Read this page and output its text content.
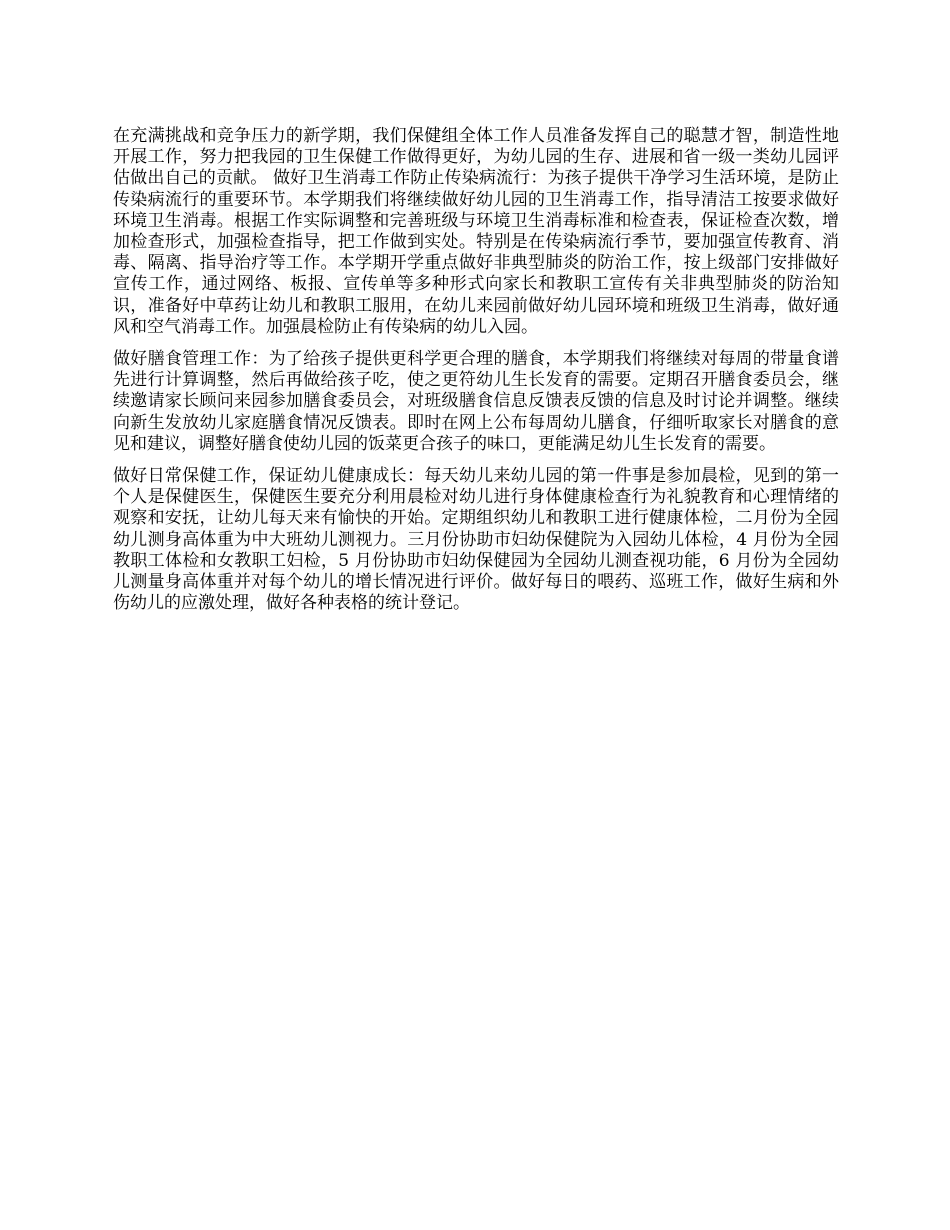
在充满挑战和竞争压力的新学期，我们保健组全体工作人员准备发挥自己的聪慧才智，制造性地开展工作，努力把我园的卫生保健工作做得更好，为幼儿园的生存、进展和省一级一类幼儿园评估做出自己的贡献。 做好卫生消毒工作防止传染病流行：为孩子提供干净学习生活环境，是防止传染病流行的重要环节。本学期我们将继续做好幼儿园的卫生消毒工作，指导清洁工按要求做好环境卫生消毒。根据工作实际调整和完善班级与环境卫生消毒标准和检查表，保证检查次数，增加检查形式，加强检查指导，把工作做到实处。特别是在传染病流行季节，要加强宣传教育、消毒、隔离、指导治疗等工作。本学期开学重点做好非典型肺炎的防治工作，按上级部门安排做好宣传工作，通过网络、板报、宣传单等多种形式向家长和教职工宣传有关非典型肺炎的防治知识，准备好中草药让幼儿和教职工服用，在幼儿来园前做好幼儿园环境和班级卫生消毒，做好通风和空气消毒工作。加强晨检防止有传染病的幼儿入园。

做好膳食管理工作：为了给孩子提供更科学更合理的膳食，本学期我们将继续对每周的带量食谱先进行计算调整，然后再做给孩子吃，使之更符幼儿生长发育的需要。定期召开膳食委员会，继续邀请家长顾问来园参加膳食委员会，对班级膳食信息反馈表反馈的信息及时讨论并调整。继续向新生发放幼儿家庭膳食情况反馈表。即时在网上公布每周幼儿膳食，仔细听取家长对膳食的意见和建议，调整好膳食使幼儿园的饭菜更合孩子的味口，更能满足幼儿生长发育的需要。

做好日常保健工作，保证幼儿健康成长：每天幼儿来幼儿园的第一件事是参加晨检，见到的第一个人是保健医生，保健医生要充分利用晨检对幼儿进行身体健康检查行为礼貌教育和心理情绪的观察和安抚，让幼儿每天来有愉快的开始。定期组织幼儿和教职工进行健康体检，二月份为全园幼儿测身高体重为中大班幼儿测视力。三月份协助市妇幼保健院为入园幼儿体检，4 月份为全园教职工体检和女教职工妇检，5 月份协助市妇幼保健园为全园幼儿测查视功能，6 月份为全园幼儿测量身高体重并对每个幼儿的增长情况进行评价。做好每日的喂药、巡班工作，做好生病和外伤幼儿的应激处理，做好各种表格的统计登记。
